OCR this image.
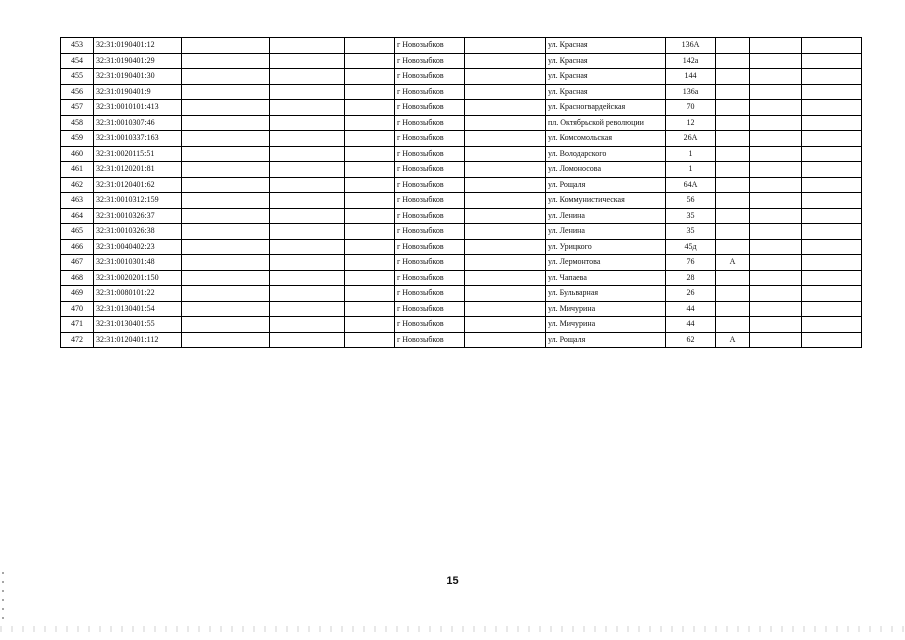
453	32:31:0190401:12				г Новозыбков		ул. Красная	136А			
454	32:31:0190401:29				г Новозыбков		ул. Красная	142а			
455	32:31:0190401:30				г Новозыбков		ул. Красная	144			
456	32:31:0190401:9				г Новозыбков		ул. Красная	136а			
457	32:31:0010101:413				г Новозыбков		ул. Красногвардейская	70			
458	32:31:0010307:46				г Новозыбков		пл. Октябрьской революции	12			
459	32:31:0010337:163				г Новозыбков		ул. Комсомольская	26А			
460	32:31:0020115:51				г Новозыбков		ул. Володарского	1			
461	32:31:0120201:81				г Новозыбков		ул. Ломоносова	1			
462	32:31:0120401:62				г Новозыбков		ул. Рощаля	64А			
463	32:31:0010312:159				г Новозыбков		ул. Коммунистическая	56			
464	32:31:0010326:37				г Новозыбков		ул. Ленина	35			
465	32:31:0010326:38				г Новозыбков		ул. Ленина	35			
466	32:31:0040402:23				г Новозыбков		ул. Урицкого	45д			
467	32:31:0010301:48				г Новозыбков		ул. Лермонтова	76	А		
468	32:31:0020201:150				г Новозыбков		ул. Чапаева	28			
469	32:31:0080101:22				г Новозыбков		ул. Бульварная	26			
470	32:31:0130401:54				г Новозыбков		ул. Мичурина	44			
471	32:31:0130401:55				г Новозыбков		ул. Мичурина	44			
472	32:31:0120401:112				г Новозыбков		ул. Рощаля	62	А		
15
